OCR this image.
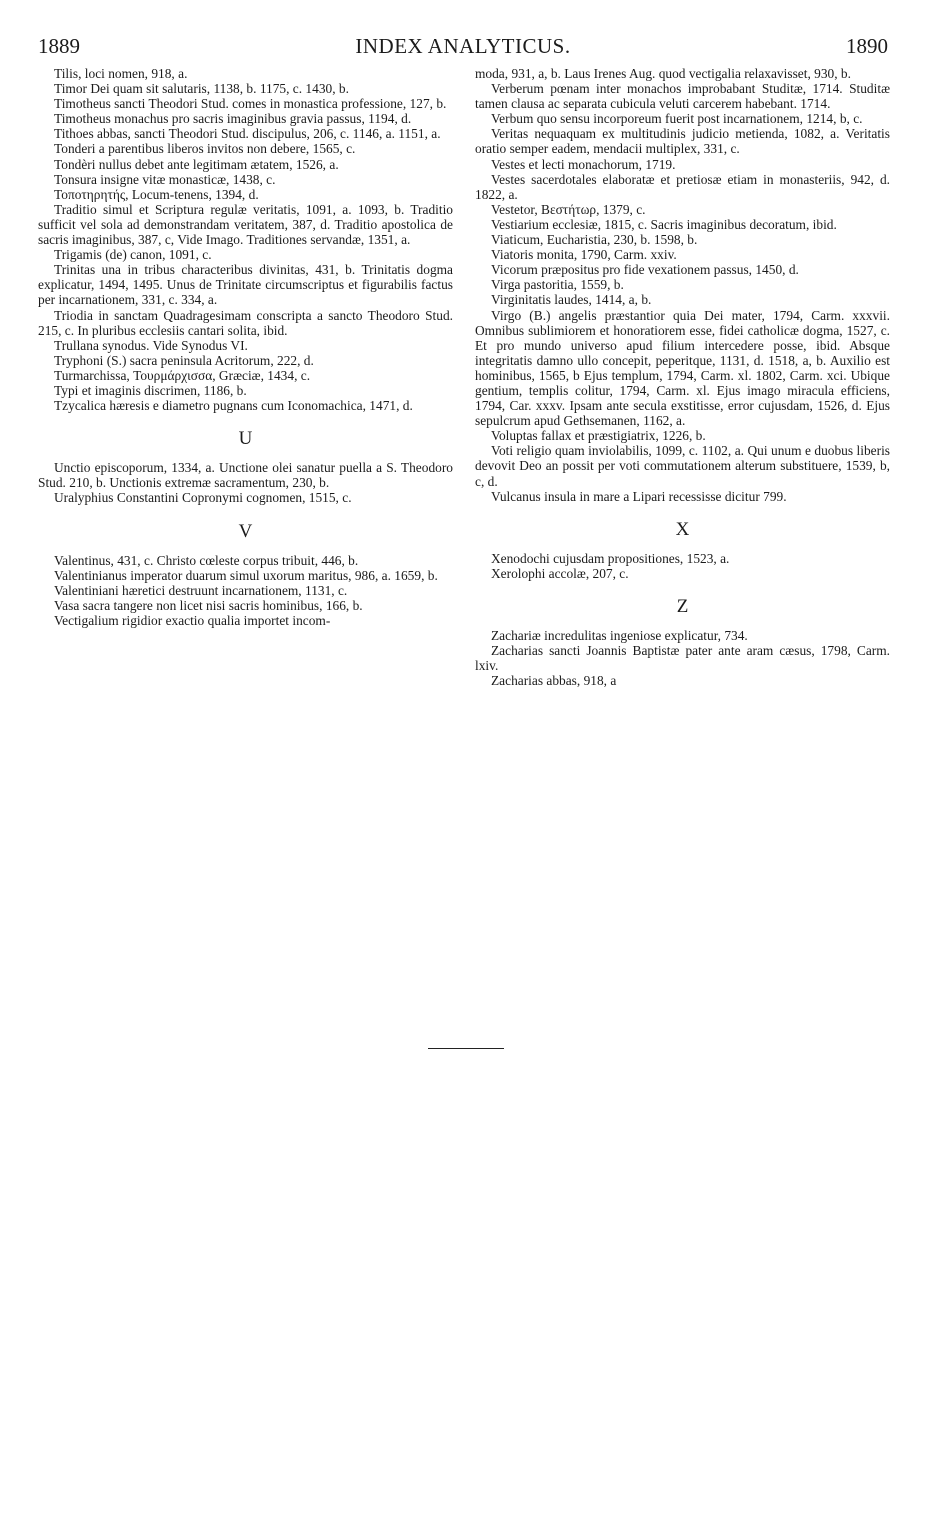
1889	INDEX ANALYTICUS.	1890

Tilis, loci nomen, 918, a.

Timor Dei quam sit salutaris, 1138, b. 1175, c. 1430, b.

Timotheus sancti Theodori Stud. comes in monastica professione, 127, b.

Timotheus monachus pro sacris imaginibus gravia passus, 1194, d.

Tithoes abbas, sancti Theodori Stud. discipulus, 206, c. 1146, a. 1151, a.

Tonderi a parentibus liberos invitos non debere, 1565, c.

Tondèri nullus debet ante legitimam ætatem, 1526, a.

Tonsura insigne vitæ monasticæ, 1438, c.

Τοποτηρητής, Locum-tenens, 1394, d.

Traditio simul et Scriptura regulæ veritatis, 1091, a. 1093, b. Traditio sufficit vel sola ad demonstrandam veritatem, 387, d. Traditio apostolica de sacris imaginibus, 387, c, Vide Imago. Traditiones servandæ, 1351, a.

Trigamis (de) canon, 1091, c.

Trinitas una in tribus characteribus divinitas, 431, b. Trinitatis dogma explicatur, 1494, 1495. Unus de Trinitate circumscriptus et figurabilis factus per incarnationem, 331, c. 334, a.

Triodia in sanctam Quadragesimam conscripta a sancto Theodoro Stud. 215, c. In pluribus ecclesiis cantari solita, ibid.

Trullana synodus. Vide Synodus VI.

Tryphoni (S.) sacra peninsula Acritorum, 222, d.

Turmarchissa, Τουρμάρχισσα, Græciæ, 1434, c.

Typi et imaginis discrimen, 1186, b.

Tzycalica hæresis e diametro pugnans cum Iconomachica, 1471, d.

U

Unctio episcoporum, 1334, a. Unctione olei sanatur puella a S. Theodoro Stud. 210, b. Unctionis extremæ sacramentum, 230, b.

Uralyphius Constantini Copronymi cognomen, 1515, c.

V

Valentinus, 431, c. Christo cœleste corpus tribuit, 446, b.

Valentinianus imperator duarum simul uxorum maritus, 986, a. 1659, b.

Valentiniani hæretici destruunt incarnationem, 1131, c.

Vasa sacra tangere non licet nisi sacris hominibus, 166, b.

Vectigalium rigidior exactio qualia importet incom-

moda, 931, a, b. Laus Irenes Aug. quod vectigalia relaxavisset, 930, b.

Verberum pœnam inter monachos improbabant Studitæ, 1714. Studitæ tamen clausa ac separata cubicula veluti carcerem habebant. 1714.

Verbum quo sensu incorporeum fuerit post incarnationem, 1214, b, c.

Veritas nequaquam ex multitudinis judicio metienda, 1082, a. Veritatis oratio semper eadem, mendacii multiplex, 331, c.

Vestes et lecti monachorum, 1719.

Vestes sacerdotales elaboratæ et pretiosæ etiam in monasteriis, 942, d. 1822, a.

Vestetor, Βεστήτωρ, 1379, c.

Vestiarium ecclesiæ, 1815, c. Sacris imaginibus decoratum, ibid.

Viaticum, Eucharistia, 230, b. 1598, b.

Viatoris monita, 1790, Carm. xxiv.

Vicorum præpositus pro fide vexationem passus, 1450, d.

Virga pastoritia, 1559, b.

Virginitatis laudes, 1414, a, b.

Virgo (B.) angelis præstantior quia Dei mater, 1794, Carm. xxxvii. Omnibus sublimiorem et honoratiorem esse, fidei catholicæ dogma, 1527, c. Et pro mundo universo apud filium intercedere posse, ibid. Absque integritatis damno ullo concepit, peperitque, 1131, d. 1518, a, b. Auxilio est hominibus, 1565, b Ejus templum, 1794, Carm. xl. 1802, Carm. xci. Ubique gentium, templis colitur, 1794, Carm. xl. Ejus imago miracula efficiens, 1794, Car. xxxv. Ipsam ante secula exstitisse, error cujusdam, 1526, d. Ejus sepulcrum apud Gethsemanen, 1162, a.

Voluptas fallax et præstigiatrix, 1226, b.

Voti religio quam inviolabilis, 1099, c. 1102, a. Qui unum e duobus liberis devovit Deo an possit per voti commutationem alterum substituere, 1539, b, c, d.

Vulcanus insula in mare a Lipari recessisse dicitur 799.

X

Xenodochi cujusdam propositiones, 1523, a.

Xerolophi accolæ, 207, c.

Z

Zachariæ incredulitas ingeniose explicatur, 734.

Zacharias sancti Joannis Baptistæ pater ante aram cæsus, 1798, Carm. lxiv.

Zacharias abbas, 918, a
